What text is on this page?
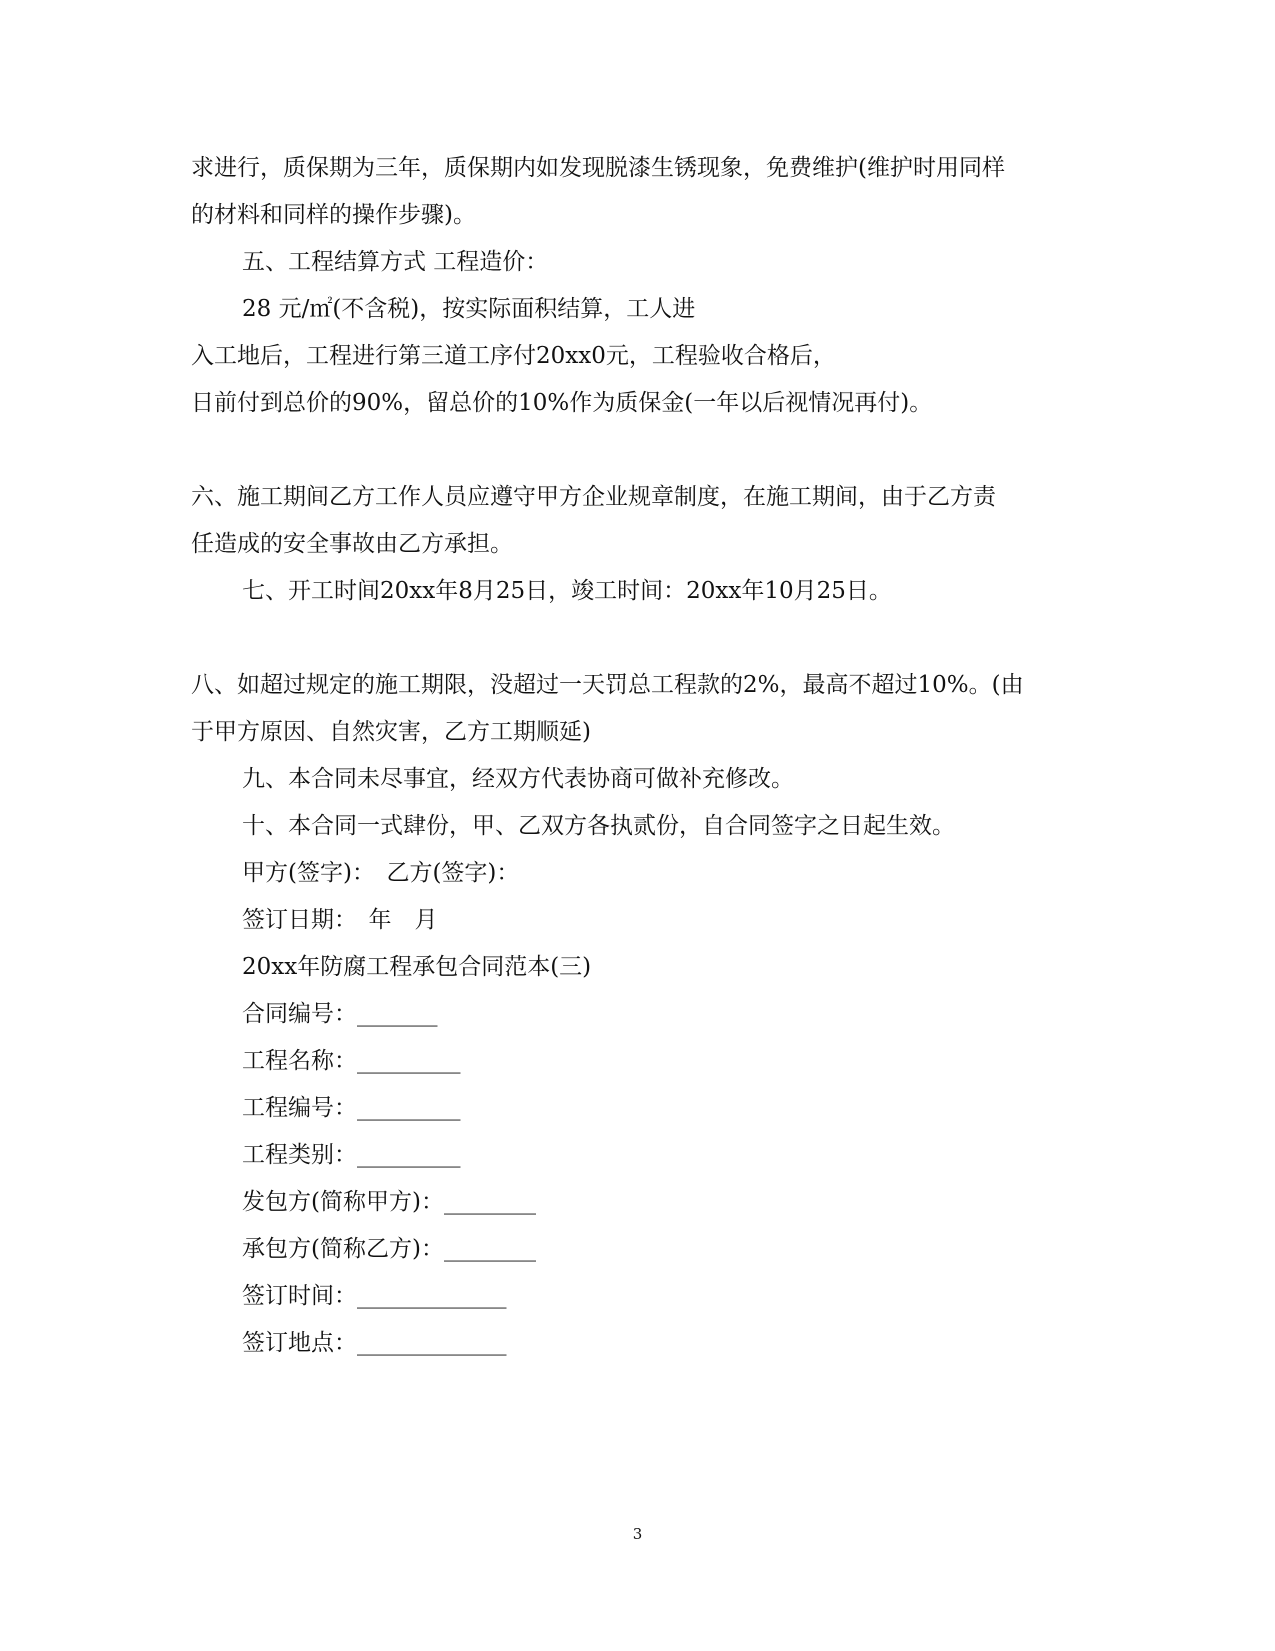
求进行，质保期为三年，质保期内如发现脱漆生锈现象，免费维护(维护时用同样
的材料和同样的操作步骤)。
五、工程结算方式 工程造价：
28 元/㎡(不含税)，按实际面积结算，工人进
入工地后，工程进行第三道工序付20xx0元，工程验收合格后，
日前付到总价的90%，留总价的10%作为质保金(一年以后视情况再付)。
六、施工期间乙方工作人员应遵守甲方企业规章制度，在施工期间，由于乙方责
任造成的安全事故由乙方承担。
七、开工时间20xx年8月25日，竣工时间：20xx年10月25日。
八、如超过规定的施工期限，没超过一天罚总工程款的2%，最高不超过10%。(由
于甲方原因、自然灾害，乙方工期顺延)
九、本合同未尽事宜，经双方代表协商可做补充修改。
十、本合同一式肆份，甲、乙双方各执贰份，自合同签字之日起生效。
甲方(签字)：　乙方(签字)：
签订日期：　年　月
20xx年防腐工程承包合同范本(三)
合同编号：_______
工程名称：_________
工程编号：_________
工程类别：_________
发包方(简称甲方)：________
承包方(简称乙方)：________
签订时间：_____________
签订地点：_____________
3
